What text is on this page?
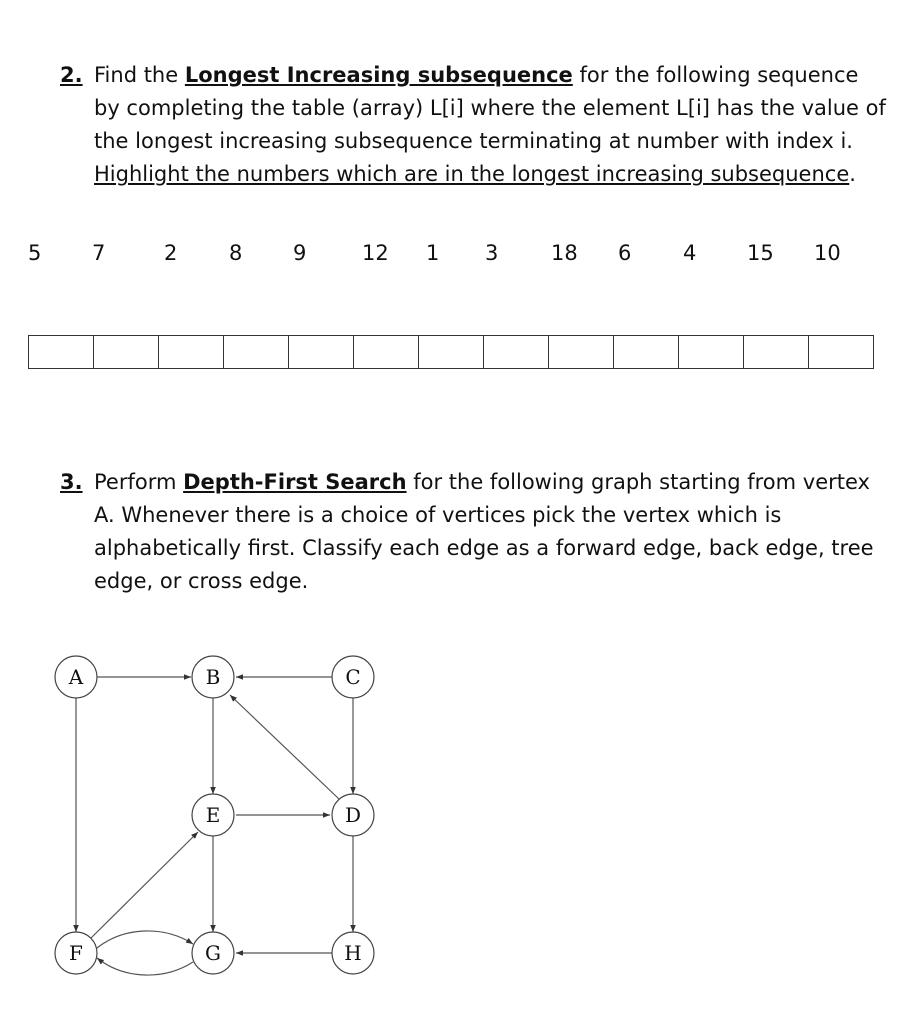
2. Find the Longest Increasing subsequence for the following sequence by completing the table (array) L[i] where the element L[i] has the value of the longest increasing subsequence terminating at number with index i.
Highlight the numbers which are in the longest increasing subsequence.
5 7	2 8 9	12 1 3	18 6 4 15 10

3. Perform Depth-First Search for the following graph starting from vertex A. Whenever there is a choice of vertices pick the vertex which is alphabetically first. Classify each edge as a forward edge, back edge, tree edge, or cross edge.
A	B	C
E	D
F	G	H
